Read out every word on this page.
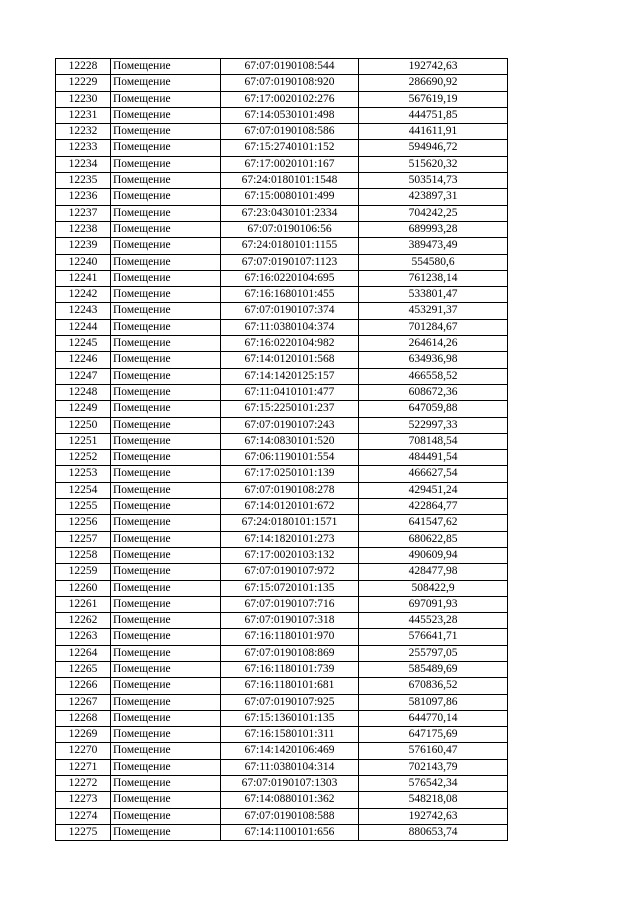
12228	Помещение	67:07:0190108:544	192742,63
12229	Помещение	67:07:0190108:920	286690,92
12230	Помещение	67:17:0020102:276	567619,19
12231	Помещение	67:14:0530101:498	444751,85
12232	Помещение	67:07:0190108:586	441611,91
12233	Помещение	67:15:2740101:152	594946,72
12234	Помещение	67:17:0020101:167	515620,32
12235	Помещение	67:24:0180101:1548	503514,73
12236	Помещение	67:15:0080101:499	423897,31
12237	Помещение	67:23:0430101:2334	704242,25
12238	Помещение	67:07:0190106:56	689993,28
12239	Помещение	67:24:0180101:1155	389473,49
12240	Помещение	67:07:0190107:1123	554580,6
12241	Помещение	67:16:0220104:695	761238,14
12242	Помещение	67:16:1680101:455	533801,47
12243	Помещение	67:07:0190107:374	453291,37
12244	Помещение	67:11:0380104:374	701284,67
12245	Помещение	67:16:0220104:982	264614,26
12246	Помещение	67:14:0120101:568	634936,98
12247	Помещение	67:14:1420125:157	466558,52
12248	Помещение	67:11:0410101:477	608672,36
12249	Помещение	67:15:2250101:237	647059,88
12250	Помещение	67:07:0190107:243	522997,33
12251	Помещение	67:14:0830101:520	708148,54
12252	Помещение	67:06:1190101:554	484491,54
12253	Помещение	67:17:0250101:139	466627,54
12254	Помещение	67:07:0190108:278	429451,24
12255	Помещение	67:14:0120101:672	422864,77
12256	Помещение	67:24:0180101:1571	641547,62
12257	Помещение	67:14:1820101:273	680622,85
12258	Помещение	67:17:0020103:132	490609,94
12259	Помещение	67:07:0190107:972	428477,98
12260	Помещение	67:15:0720101:135	508422,9
12261	Помещение	67:07:0190107:716	697091,93
12262	Помещение	67:07:0190107:318	445523,28
12263	Помещение	67:16:1180101:970	576641,71
12264	Помещение	67:07:0190108:869	255797,05
12265	Помещение	67:16:1180101:739	585489,69
12266	Помещение	67:16:1180101:681	670836,52
12267	Помещение	67:07:0190107:925	581097,86
12268	Помещение	67:15:1360101:135	644770,14
12269	Помещение	67:16:1580101:311	647175,69
12270	Помещение	67:14:1420106:469	576160,47
12271	Помещение	67:11:0380104:314	702143,79
12272	Помещение	67:07:0190107:1303	576542,34
12273	Помещение	67:14:0880101:362	548218,08
12274	Помещение	67:07:0190108:588	192742,63
12275	Помещение	67:14:1100101:656	880653,74
